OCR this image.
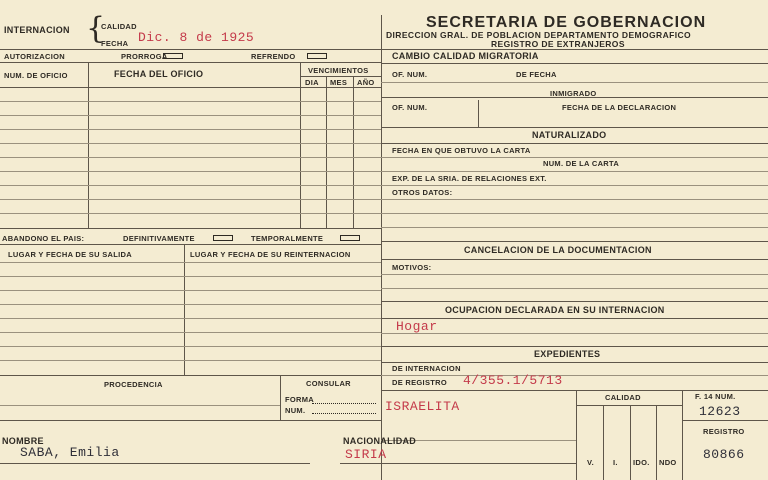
INTERNACION {
CALIDAD
FECHA Dic. 8 de 1925
SECRETARIA DE GOBERNACION
DIRECCION GRAL. DE POBLACION DEPARTAMENTO DEMOGRAFICO
REGISTRO DE EXTRANJEROS
AUTORIZACION	PRORROGA	REFRENDO
NUM. DE OFICIO	FECHA DEL OFICIO	VENCIMIENTOS
DIA MES AÑO
ABANDONO EL PAIS:	DEFINITIVAMENTE	TEMPORALMENTE
LUGAR Y FECHA DE SU SALIDA	LUGAR Y FECHA DE SU REINTERNACION
PROCEDENCIA	CONSULAR
FORMA
NUM.
CAMBIO CALIDAD MIGRATORIA
OF. NUM.	DE FECHA
INMIGRADO
OF. NUM.	FECHA DE LA DECLARACION
NATURALIZADO
FECHA EN QUE OBTUVO LA CARTA
NUM. DE LA CARTA
EXP. DE LA SRIA. DE RELACIONES EXT.
OTROS DATOS:
CANCELACION DE LA DOCUMENTACION
MOTIVOS:
OCUPACION DECLARADA EN SU INTERNACION
Hogar
EXPEDIENTES
DE INTERNACION
DE REGISTRO 4/355.1/5713
ISRAELITA
CALIDAD	F. 14 NUM.
12623
REGISTRO
80866
V.	I. IDO. NDO
NOMBRE
SABA, Emilia
NACIONALIDAD
SIRIA
